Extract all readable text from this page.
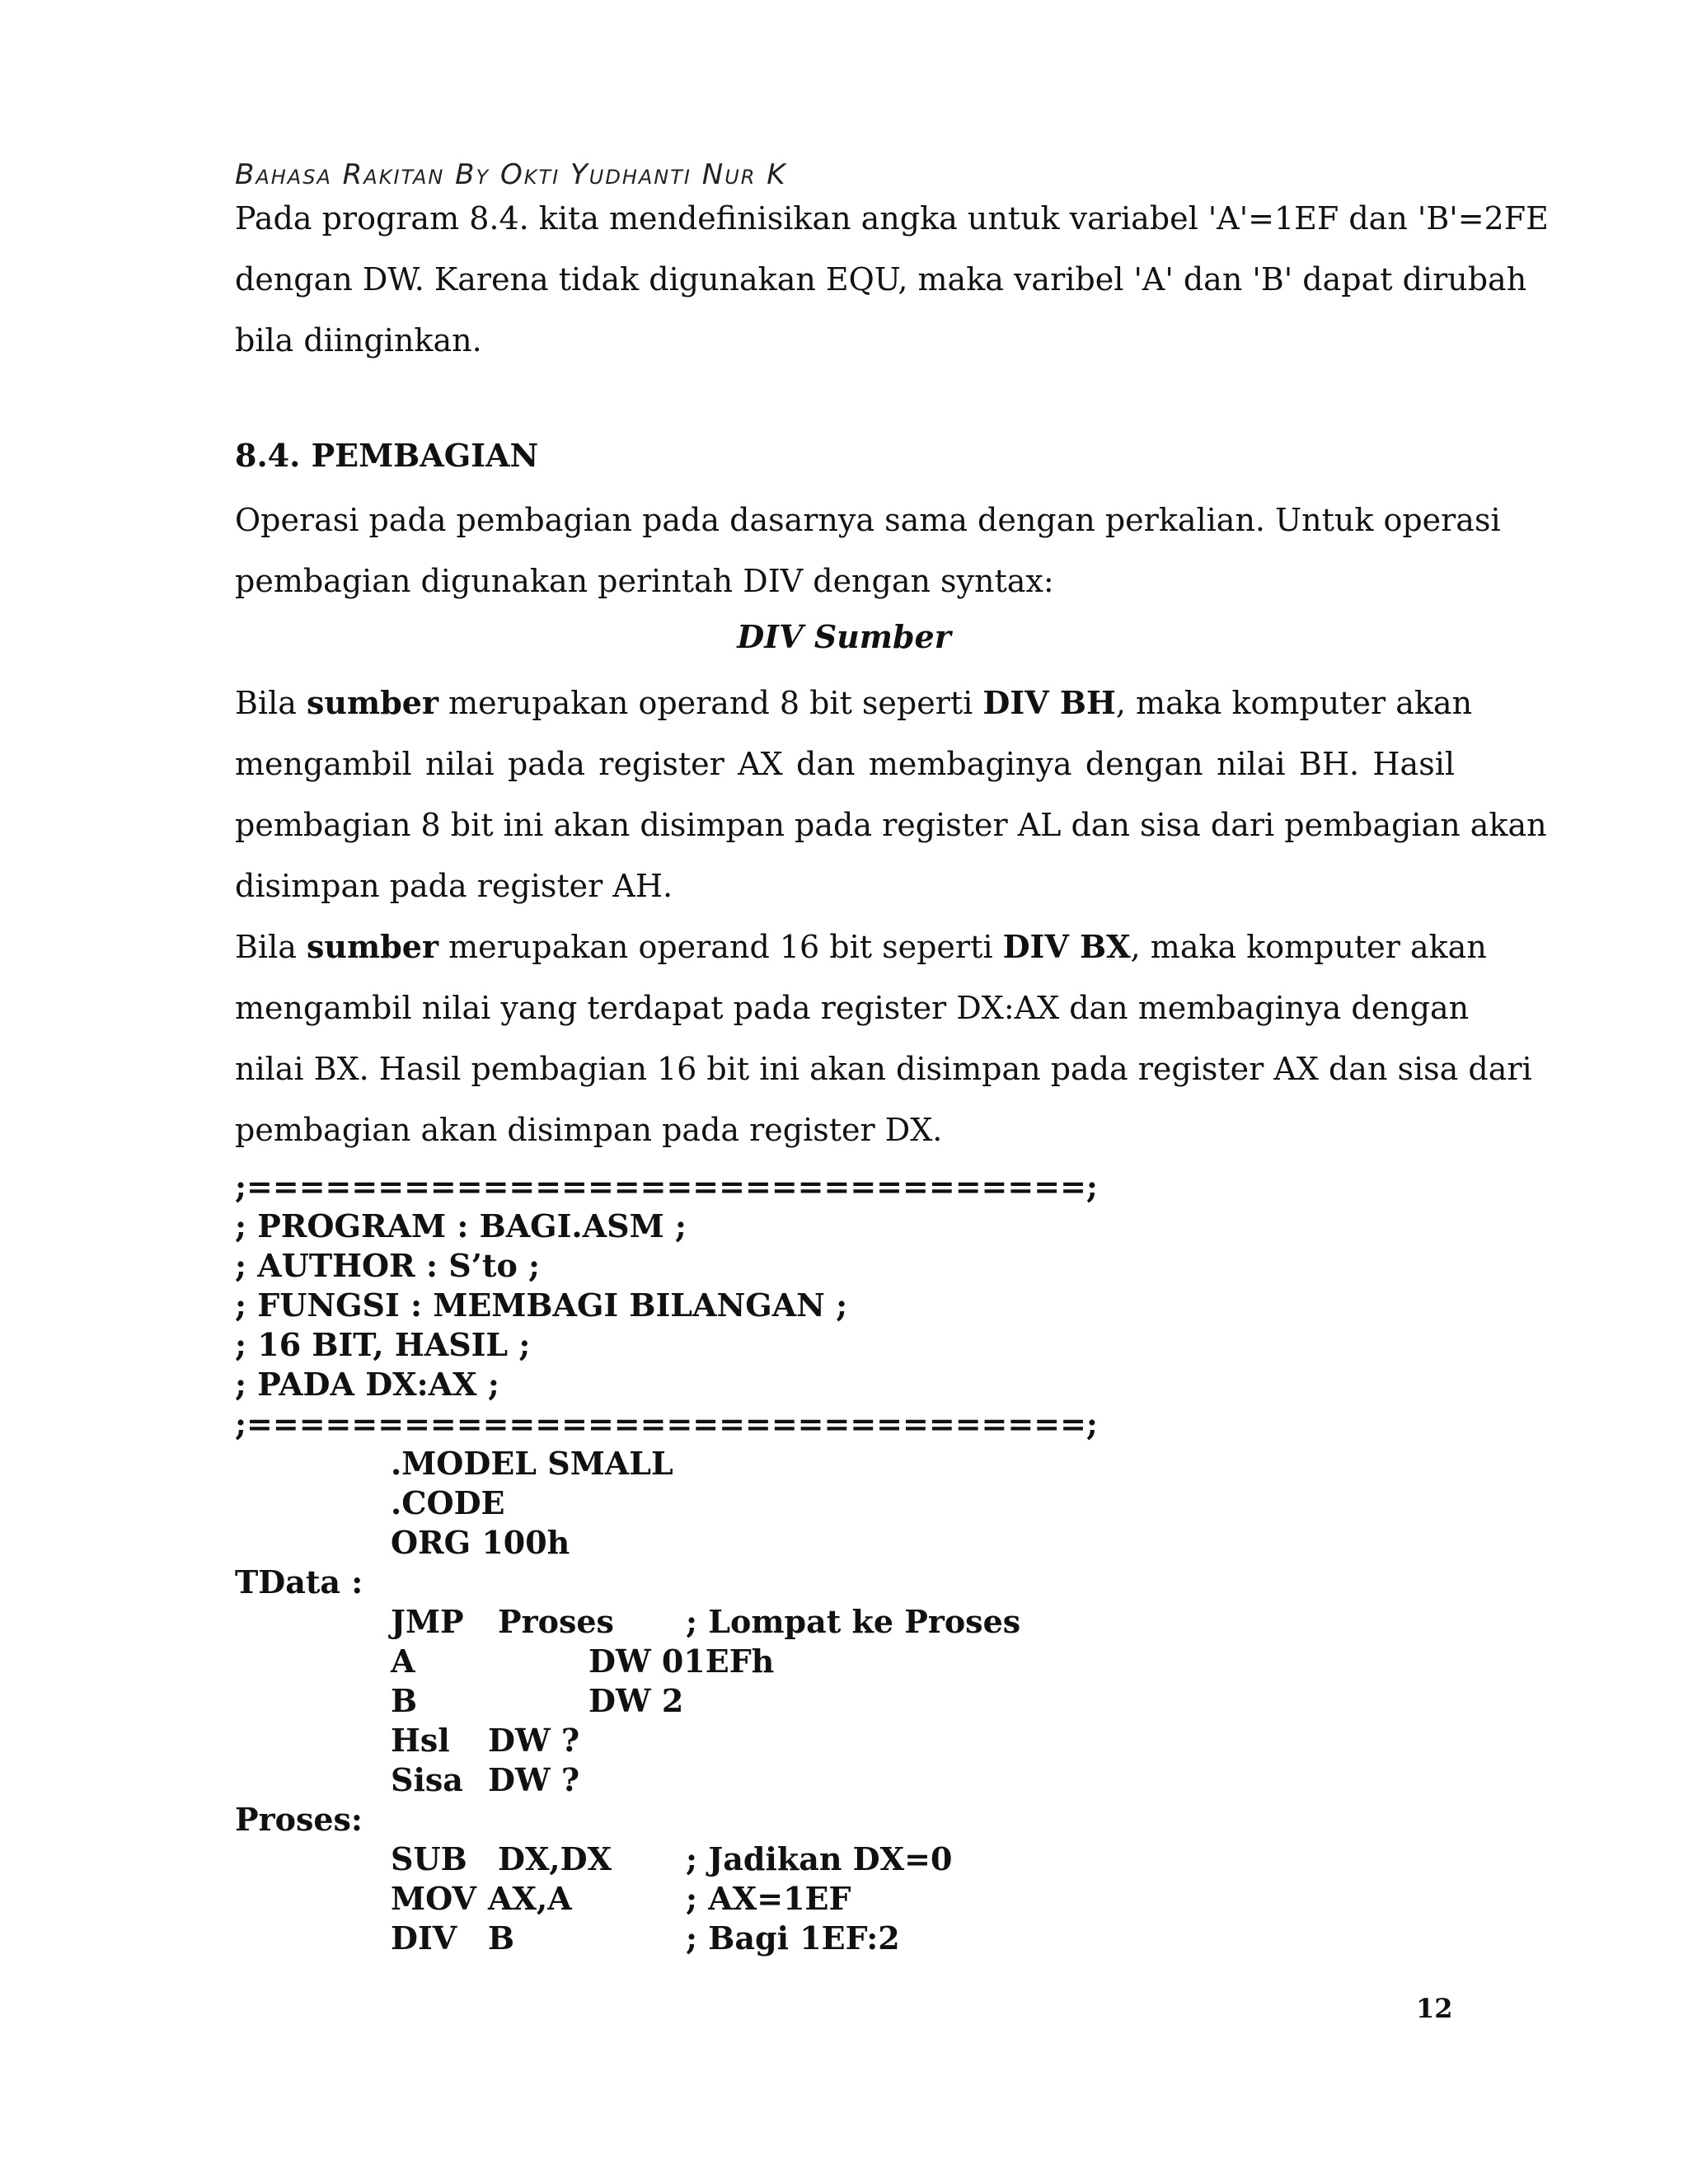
Bahasa Rakitan By Okti Yudhanti Nur K
Pada program 8.4. kita mendefinisikan angka untuk variabel 'A'=1EF dan 'B'=2FE
dengan DW. Karena tidak digunakan EQU, maka varibel 'A' dan 'B' dapat dirubah
bila diinginkan.
8.4. PEMBAGIAN
Operasi pada pembagian pada dasarnya sama dengan perkalian. Untuk operasi
pembagian digunakan perintah DIV dengan syntax:
DIV Sumber
Bila sumber merupakan operand 8 bit seperti DIV BH, maka komputer akan
mengambil nilai pada register AX dan membaginya dengan nilai BH. Hasil
pembagian 8 bit ini akan disimpan pada register AL dan sisa dari pembagian akan
disimpan pada register AH.
Bila sumber merupakan operand 16 bit seperti DIV BX, maka komputer akan
mengambil nilai yang terdapat pada register DX:AX dan membaginya dengan
nilai BX. Hasil pembagian 16 bit ini akan disimpan pada register AX dan sisa dari
pembagian akan disimpan pada register DX.
;================================;
; PROGRAM : BAGI.ASM ;
; AUTHOR : S’to ;
; FUNGSI : MEMBAGI BILANGAN ;
; 16 BIT, HASIL ;
; PADA DX:AX ;
;================================;
.MODEL SMALL
.CODE
ORG 100h
TData :
JMP Proses ; Lompat ke Proses
A	DW 01EFh
B	DW 2
Hsl DW ?
Sisa DW ?
Proses:
SUB DX,DX ; Jadikan DX=0
MOV AX,A	; AX=1EF
DIV B	; Bagi 1EF:2
12
